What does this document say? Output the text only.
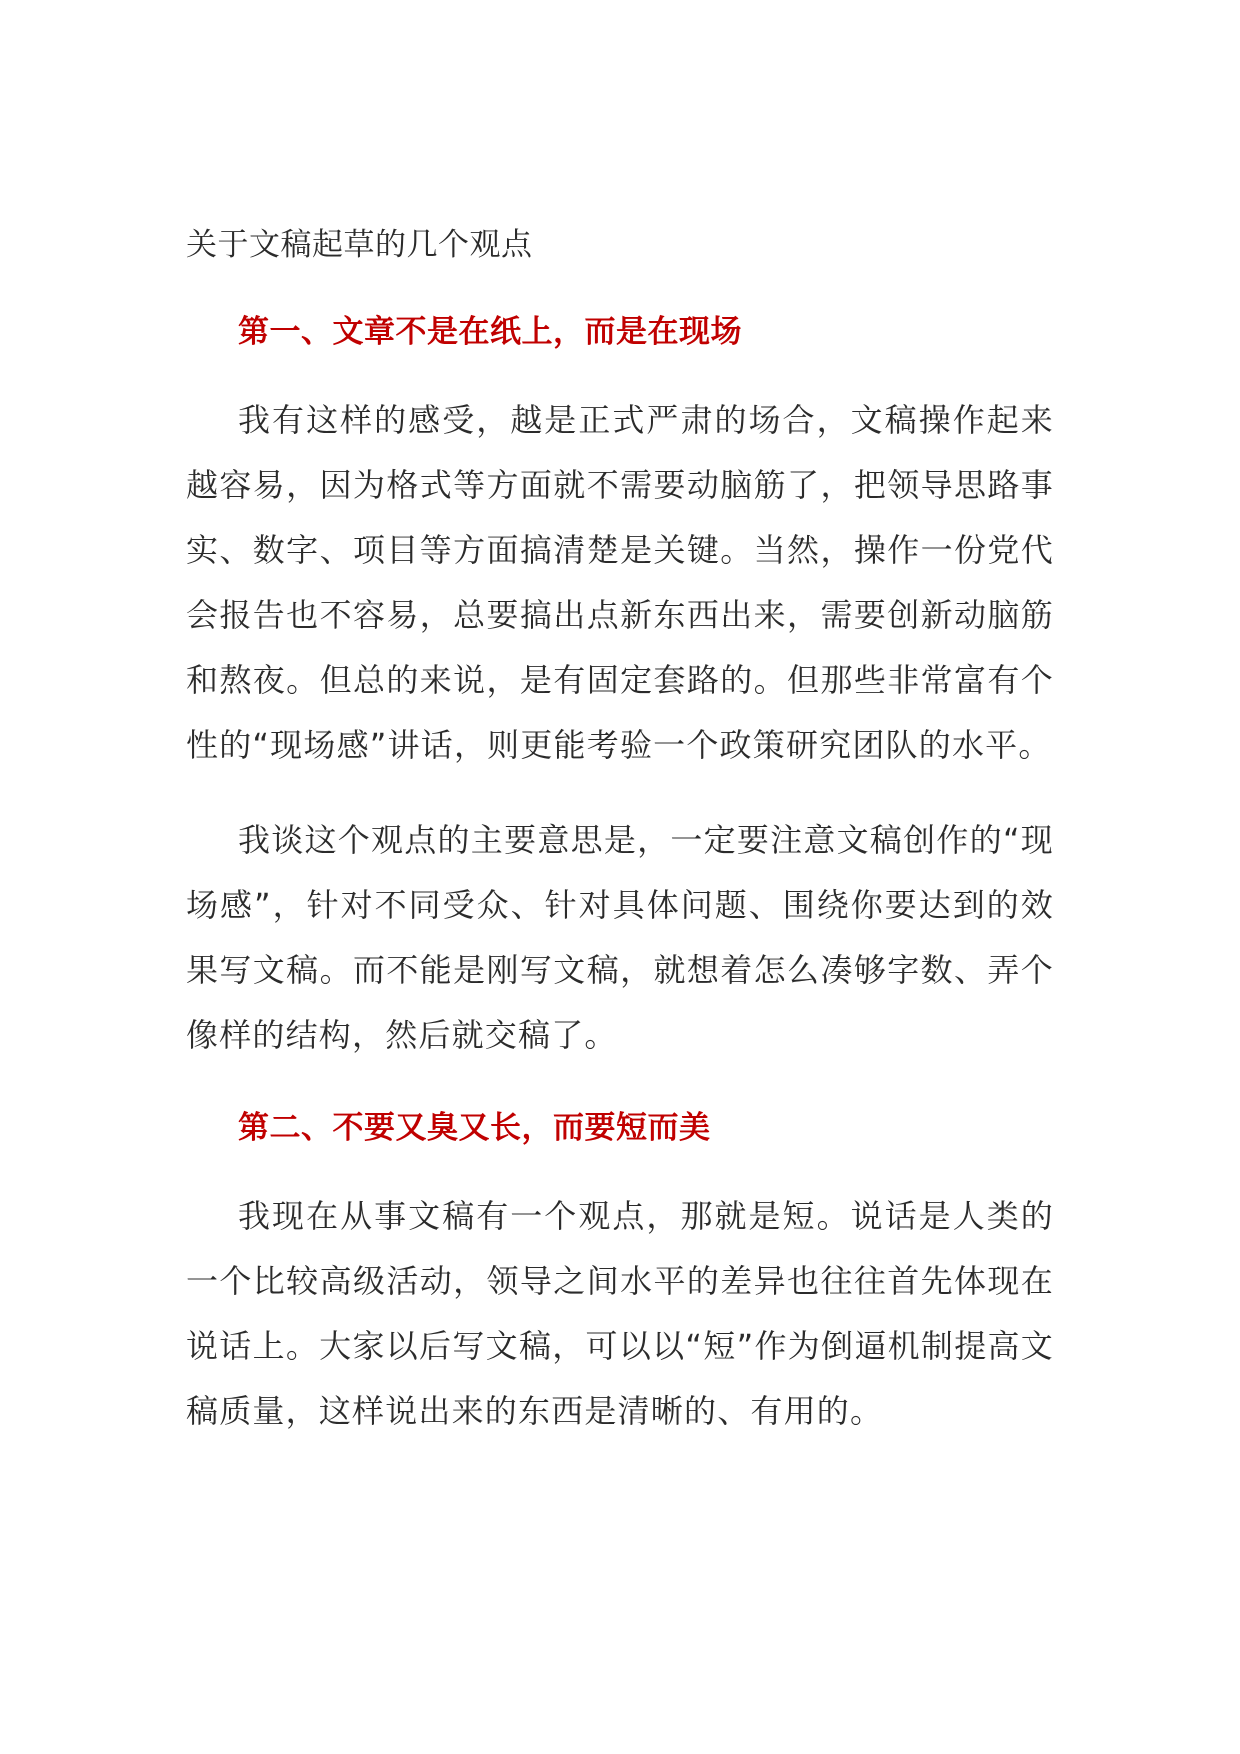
关于文稿起草的几个观点
第一、文章不是在纸上，而是在现场

我有这样的感受，越是正式严肃的场合，文稿操作起来越容易，因为格式等方面就不需要动脑筋了，把领导思路事实、数字、项目等方面搞清楚是关键。当然，操作一份党代会报告也不容易，总要搞出点新东西出来，需要创新动脑筋和熬夜。但总的来说，是有固定套路的。但那些非常富有个性的“现场感”讲话，则更能考验一个政策研究团队的水平。

我谈这个观点的主要意思是，一定要注意文稿创作的“现场感”，针对不同受众、针对具体问题、围绕你要达到的效果写文稿。而不能是刚写文稿，就想着怎么凑够字数、弄个像样的结构，然后就交稿了。

第二、不要又臭又长，而要短而美

我现在从事文稿有一个观点，那就是短。说话是人类的一个比较高级活动，领导之间水平的差异也往往首先体现在说话上。大家以后写文稿，可以以“短”作为倒逼机制提高文稿质量，这样说出来的东西是清晰的、有用的。
